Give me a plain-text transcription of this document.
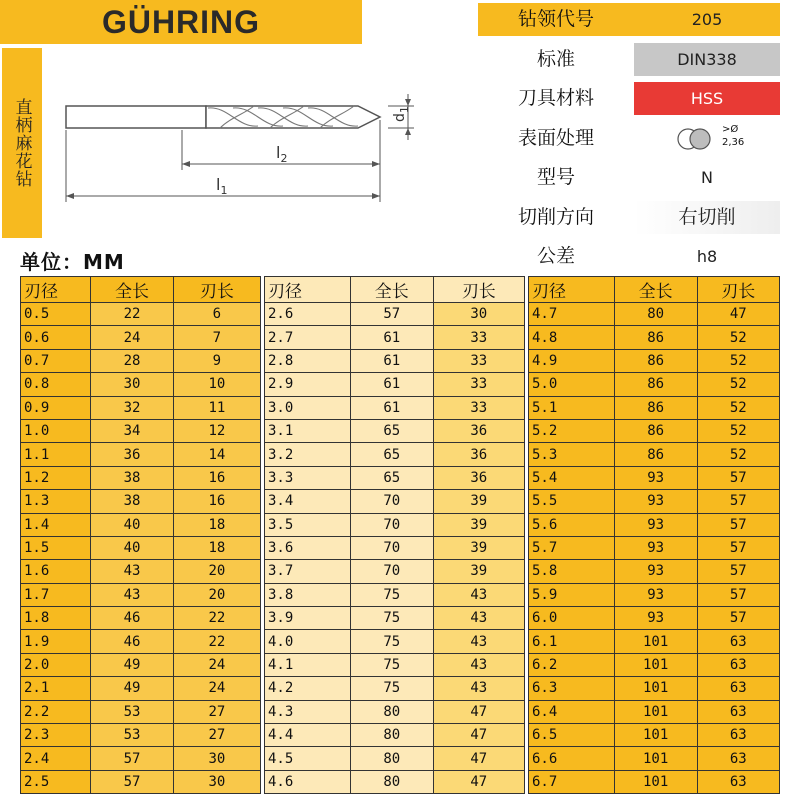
GÜHRING
直柄麻花钻	$d_1$
$l_2$
$l_1$
钻领代号	205
标准	DIN338
刀具材料	HSS
表面处理	>Ø
2,36
型号	N
切削方向	右切削
公差	h8
单位：MM
刃径	全长	刃长
0.5	22	6
0.6	24	7
0.7	28	9
0.8	30	10
0.9	32	11
1.0	34	12
1.1	36	14
1.2	38	16
1.3	38	16
1.4	40	18
1.5	40	18
1.6	43	20
1.7	43	20
1.8	46	22
1.9	46	22
2.0	49	24
2.1	49	24
2.2	53	27
2.3	53	27
2.4	57	30
2.5	57	30
刃径	全长	刃长
2.6	57	30
2.7	61	33
2.8	61	33
2.9	61	33
3.0	61	33
3.1	65	36
3.2	65	36
3.3	65	36
3.4	70	39
3.5	70	39
3.6	70	39
3.7	70	39
3.8	75	43
3.9	75	43
4.0	75	43
4.1	75	43
4.2	75	43
4.3	80	47
4.4	80	47
4.5	80	47
4.6	80	47
刃径	全长	刃长
4.7	80	47
4.8	86	52
4.9	86	52
5.0	86	52
5.1	86	52
5.2	86	52
5.3	86	52
5.4	93	57
5.5	93	57
5.6	93	57
5.7	93	57
5.8	93	57
5.9	93	57
6.0	93	57
6.1	101	63
6.2	101	63
6.3	101	63
6.4	101	63
6.5	101	63
6.6	101	63
6.7	101	63
